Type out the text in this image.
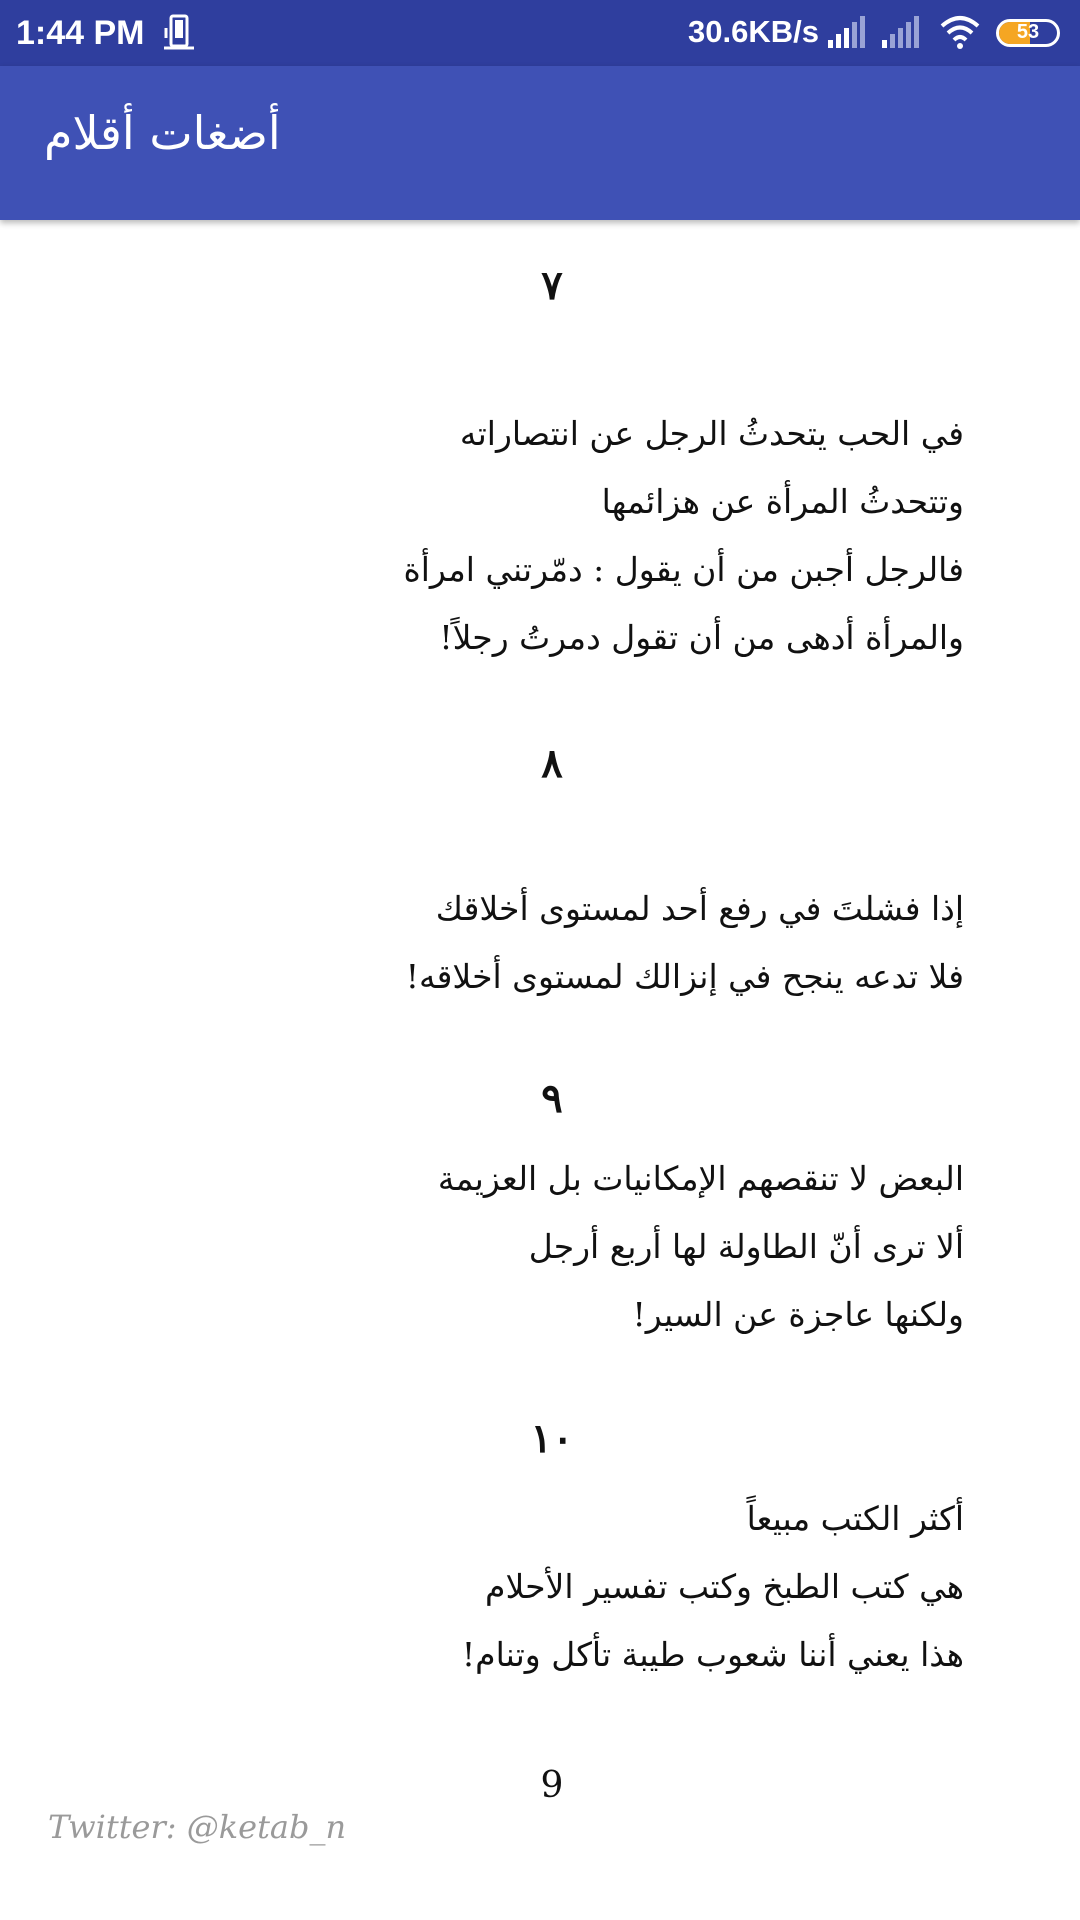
1:44 PM	30.6KB/s	53
أضغات أقلام
٧
في الحب يتحدثُ الرجل عن انتصاراته
وتتحدثُ المرأة عن هزائمها
فالرجل أجبن من أن يقول : دمّرتني امرأة
والمرأة أدهى من أن تقول دمرتُ رجلاً!
٨
إذا فشلتَ في رفع أحد لمستوى أخلاقك
فلا تدعه ينجح في إنزالك لمستوى أخلاقه!
٩
البعض لا تنقصهم الإمكانيات بل العزيمة
ألا ترى أنّ الطاولة لها أربع أرجل
ولكنها عاجزة عن السير!
١٠
أكثر الكتب مبيعاً
هي كتب الطبخ وكتب تفسير الأحلام
هذا يعني أننا شعوب طيبة تأكل وتنام!
9
Twitter: @ketab_n
